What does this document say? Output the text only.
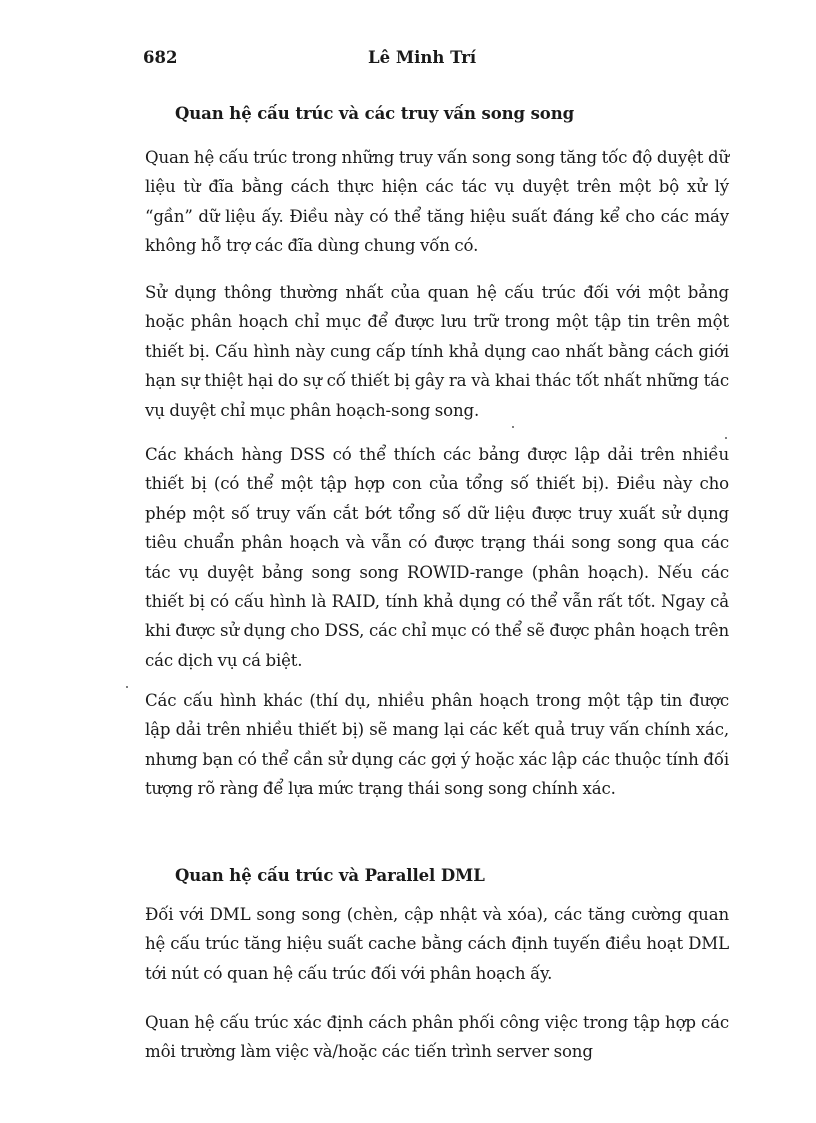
682	Lê Minh Trí
Quan hệ cấu trúc và các truy vấn song song

Quan hệ cấu trúc trong những truy vấn song song tăng tốc độ duyệt dữ liệu từ đĩa bằng cách thực hiện các tác vụ duyệt trên một bộ xử lý “gần” dữ liệu ấy. Điều này có thể tăng hiệu suất đáng kể cho các máy không hỗ trợ các đĩa dùng chung vốn có.

Sử dụng thông thường nhất của quan hệ cấu trúc đối với một bảng hoặc phân hoạch chỉ mục để được lưu trữ trong một tập tin trên một thiết bị. Cấu hình này cung cấp tính khả dụng cao nhất bằng cách giới hạn sự thiệt hại do sự cố thiết bị gây ra và khai thác tốt nhất những tác vụ duyệt chỉ mục phân hoạch-song song.

Các khách hàng DSS có thể thích các bảng được lập dải trên nhiều thiết bị (có thể một tập hợp con của tổng số thiết bị). Điều này cho phép một số truy vấn cắt bớt tổng số dữ liệu được truy xuất sử dụng tiêu chuẩn phân hoạch và vẫn có được trạng thái song song qua các tác vụ duyệt bảng song song ROWID-range (phân hoạch). Nếu các thiết bị có cấu hình là RAID, tính khả dụng có thể vẫn rất tốt. Ngay cả khi được sử dụng cho DSS, các chỉ mục có thể sẽ được phân hoạch trên các dịch vụ cá biệt.

Các cấu hình khác (thí dụ, nhiều phân hoạch trong một tập tin được lập dải trên nhiều thiết bị) sẽ mang lại các kết quả truy vấn chính xác, nhưng bạn có thể cần sử dụng các gợi ý hoặc xác lập các thuộc tính đối tượng rõ ràng để lựa mức trạng thái song song chính xác.

Quan hệ cấu trúc và Parallel DML

Đối với DML song song (chèn, cập nhật và xóa), các tăng cường quan hệ cấu trúc tăng hiệu suất cache bằng cách định tuyến điều hoạt DML tới nút có quan hệ cấu trúc đối với phân hoạch ấy.

Quan hệ cấu trúc xác định cách phân phối công việc trong tập hợp các môi trường làm việc và/hoặc các tiến trình server song
